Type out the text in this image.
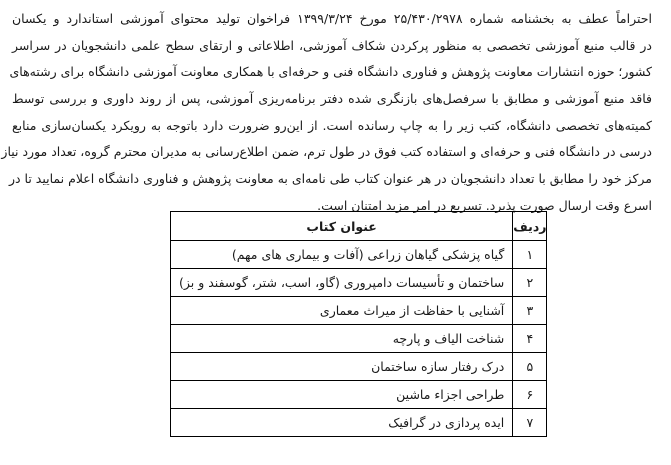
احتراماً عطف به بخشنامه شماره ۲۵/۴۳۰/۲۹۷۸ مورخ ۱۳۹۹/۳/۲۴ فراخوان تولید محتوای آموزشی استاندارد و یکسان
در قالب منبع آموزشی تخصصی به منظور پرکردن شکاف آموزشی، اطلاعاتی و ارتقای سطح علمی دانشجویان در سراسر
کشور؛ حوزه انتشارات معاونت پژوهش و فناوری دانشگاه فنی و حرفه‌ای با همکاری معاونت آموزشی دانشگاه برای رشته‌های
فاقد منبع آموزشی و مطابق با سرفصل‌های بازنگری شده دفتر برنامه‌ریزی آموزشی، پس از روند داوری و بررسی توسط
کمیته‌های تخصصی دانشگاه، کتب زیر را به چاپ رسانده است. از این‌رو ضرورت دارد باتوجه به رویکرد یکسان‌سازی منابع
درسی در دانشگاه فنی و حرفه‌ای و استفاده کتب فوق در طول ترم، ضمن اطلاع‌رسانی به مدیران محترم گروه، تعداد مورد نیاز
مرکز خود را مطابق با تعداد دانشجویان در هر عنوان کتاب طی نامه‌ای به معاونت پژوهش و فناوری دانشگاه اعلام نمایید تا در
اسرع وقت ارسال صورت پذیرد. تسریع در امر مزید امتنان است.
ردیف	عنوان کتاب
۱	گیاه پزشکی گیاهان زراعی (آفات و بیماری های مهم)
۲	ساختمان و تأسیسات دامپروری (گاو، اسب، شتر، گوسفند و بز)
۳	آشنایی با حفاظت از میراث معماری
۴	شناخت الیاف و پارچه
۵	درک رفتار سازه ساختمان
۶	طراحی اجزاء ماشین
۷	ایده پردازی در گرافیک
